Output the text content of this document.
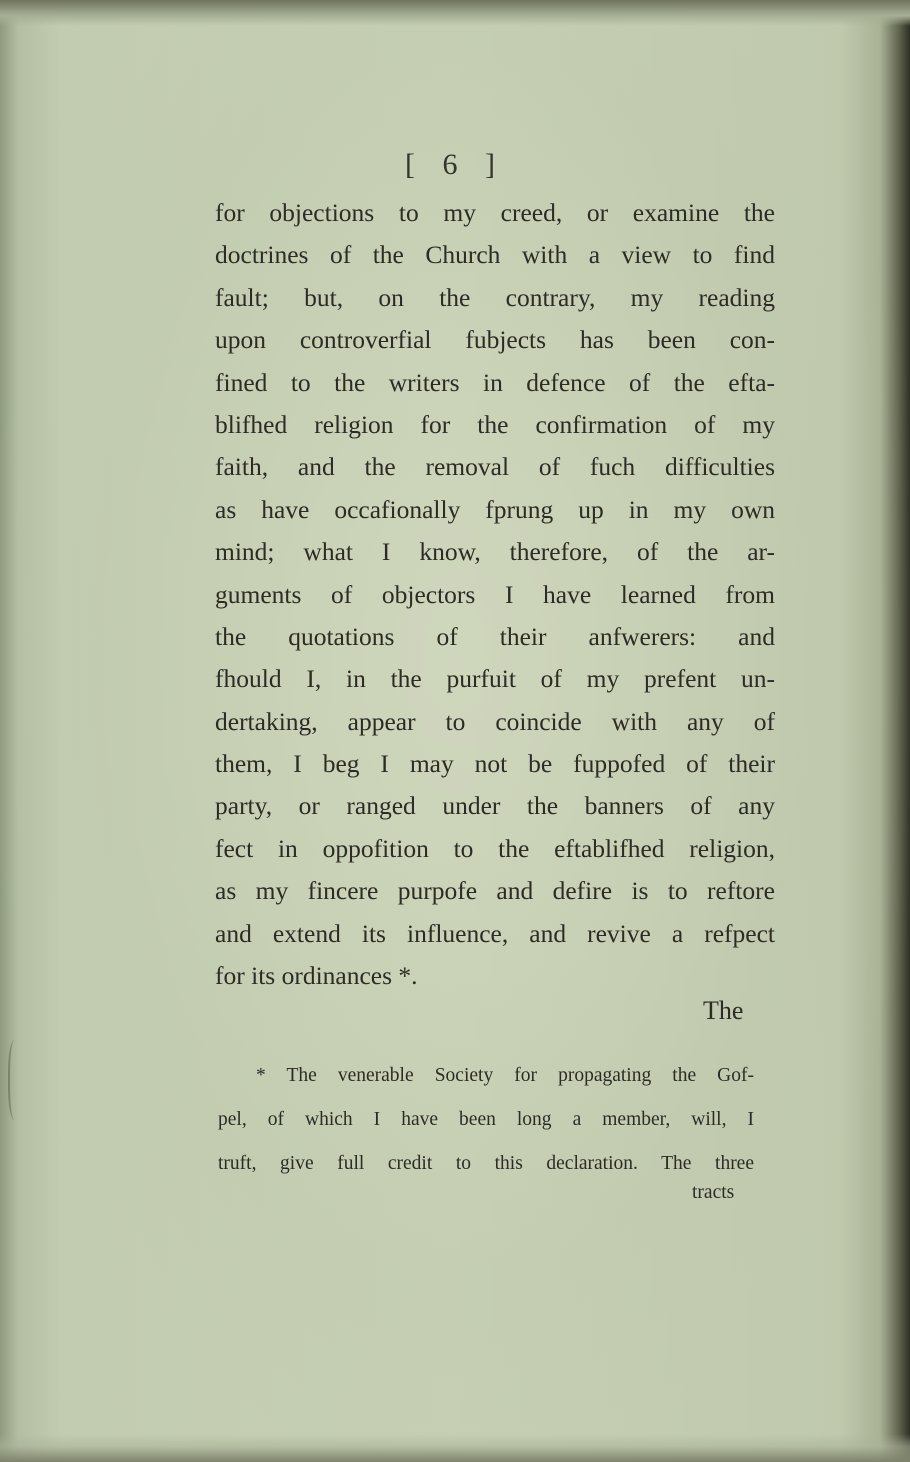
[ 6 ]
for objections to my creed, or examine the
doctrines of the Church with a view to find
fault; but, on the contrary, my reading
upon controverfial fubjects has been con-
fined to the writers in defence of the efta-
blifhed religion for the confirmation of my
faith, and the removal of fuch difficulties
as have occafionally fprung up in my own
mind; what I know, therefore, of the ar-
guments of objectors I have learned from
the quotations of their anfwerers: and
fhould I, in the purfuit of my prefent un-
dertaking, appear to coincide with any of
them, I beg I may not be fuppofed of their
party, or ranged under the banners of any
fect in oppofition to the eftablifhed religion,
as my fincere purpofe and defire is to reftore
and extend its influence, and revive a refpect
for its ordinances *.
The
* The venerable Society for propagating the Gof-
pel, of which I have been long a member, will, I
truft, give full credit to this declaration. The three
tracts
